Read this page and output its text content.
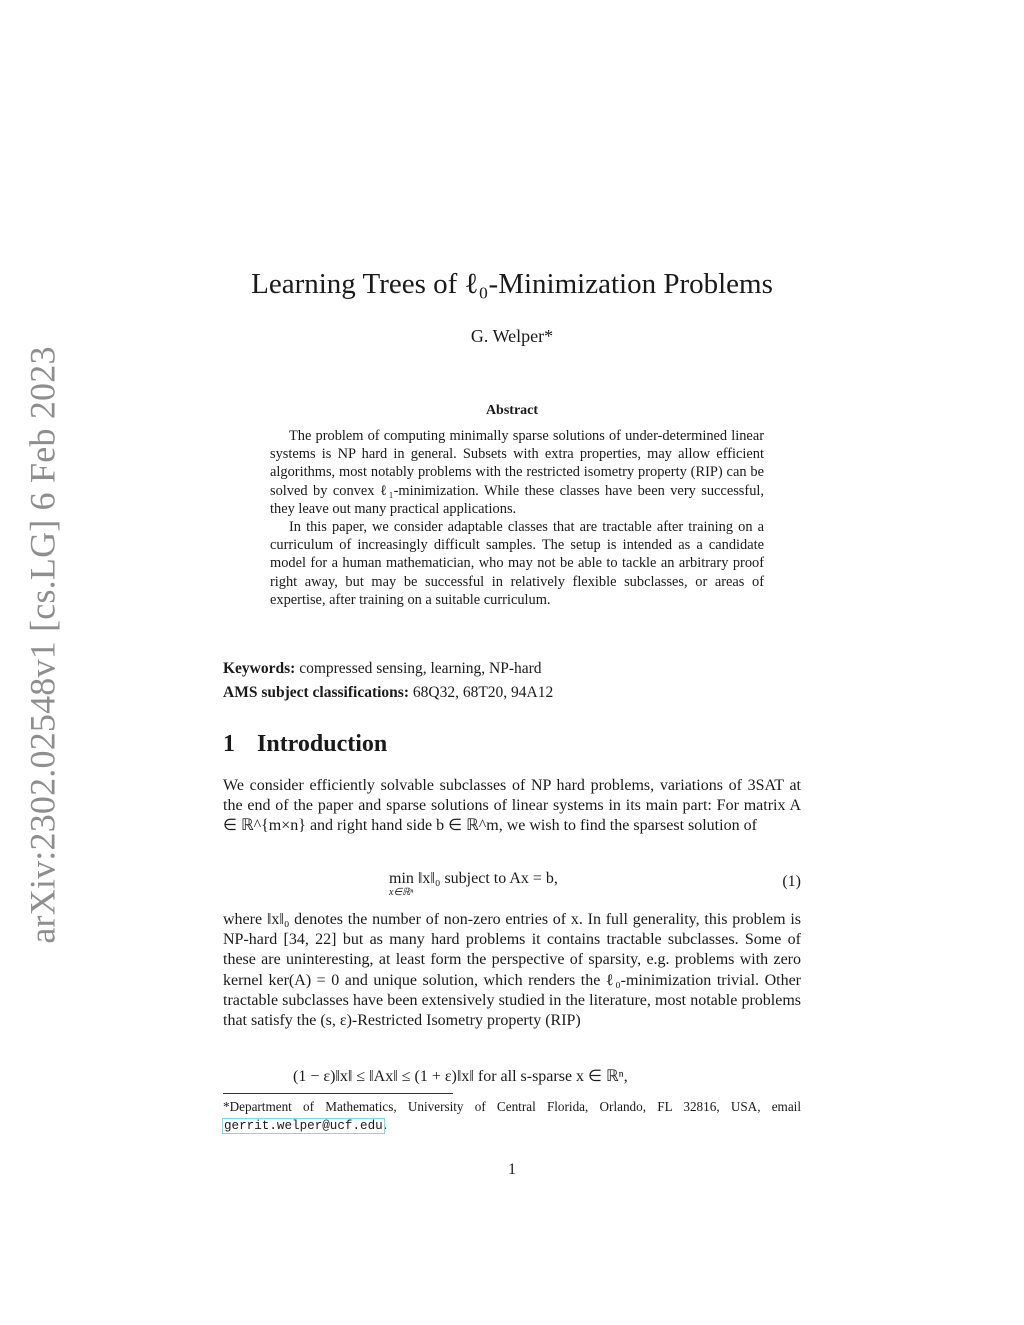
arXiv:2302.02548v1 [cs.LG] 6 Feb 2023
Learning Trees of ℓ₀-Minimization Problems
G. Welper*
Abstract

The problem of computing minimally sparse solutions of under-determined linear systems is NP hard in general. Subsets with extra properties, may allow efficient algorithms, most notably problems with the restricted isometry property (RIP) can be solved by convex ℓ₁-minimization. While these classes have been very successful, they leave out many practical applications.

In this paper, we consider adaptable classes that are tractable after training on a curriculum of increasingly difficult samples. The setup is intended as a candidate model for a human mathematician, who may not be able to tackle an arbitrary proof right away, but may be successful in relatively flexible subclasses, or areas of expertise, after training on a suitable curriculum.

Keywords: compressed sensing, learning, NP-hard
AMS subject classifications: 68Q32, 68T20, 94A12
1 Introduction

We consider efficiently solvable subclasses of NP hard problems, variations of 3SAT at the end of the paper and sparse solutions of linear systems in its main part: For matrix A ∈ ℝ^{m×n} and right hand side b ∈ ℝ^m, we wish to find the sparsest solution of

min ‖x‖₀ subject to Ax = b,
x∈ℝⁿ
(1)

where ‖x‖₀ denotes the number of non-zero entries of x. In full generality, this problem is NP-hard [34, 22] but as many hard problems it contains tractable subclasses. Some of these are uninteresting, at least form the perspective of sparsity, e.g. problems with zero kernel ker(A) = 0 and unique solution, which renders the ℓ₀-minimization trivial. Other tractable subclasses have been extensively studied in the literature, most notable problems that satisfy the (s, ε)-Restricted Isometry property (RIP)

(1 − ε)‖x‖ ≤ ‖Ax‖ ≤ (1 + ε)‖x‖ for all s-sparse x ∈ ℝⁿ,
*Department of Mathematics, University of Central Florida, Orlando, FL 32816, USA, email gerrit.welper@ucf.edu.
1
